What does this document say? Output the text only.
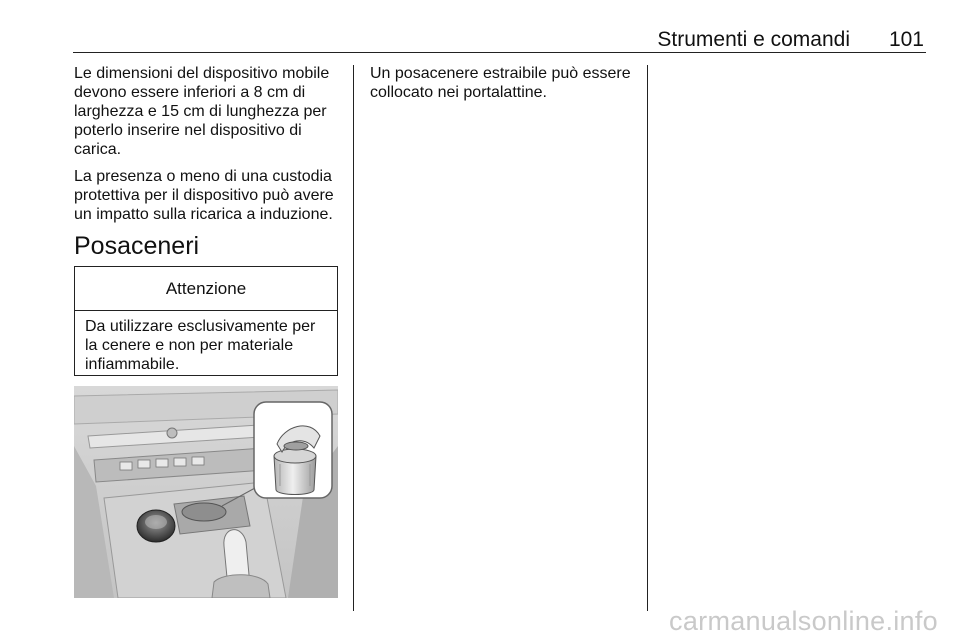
Strumenti e comandi 101

Le dimensioni del dispositivo mobile devono essere inferiori a 8 cm di larghezza e 15 cm di lunghezza per poterlo inserire nel dispositivo di carica.

La presenza o meno di una custodia protettiva per il dispositivo può avere un impatto sulla ricarica a induzione.

Posaceneri
Attenzione
Da utilizzare esclusivamente per la cenere e non per materiale infiammabile.

Un posacenere estraibile può essere collocato nei portalattine.

carmanualsonline.info
